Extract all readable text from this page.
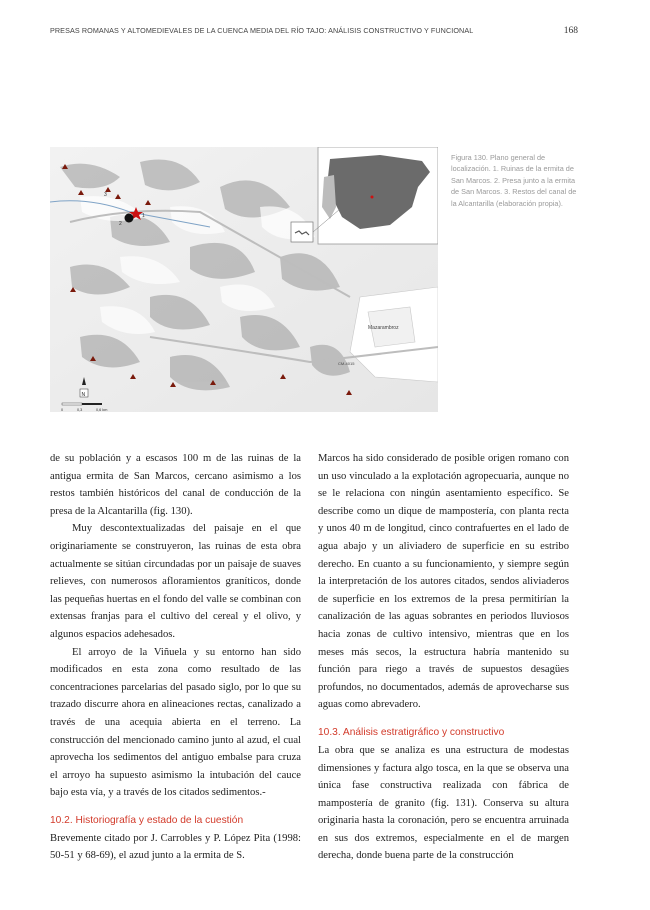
PRESAS ROMANAS Y ALTOMEDIEVALES DE LA CUENCA MEDIA DEL RÍO TAJO: ANÁLISIS CONSTRUCTIVO Y FUNCIONAL	168
1
2
3
Mazarambroz
CM-4015
N
0	0,3	0,6 km
Figura 130. Plano general de localización. 1. Ruinas de la ermita de San Marcos. 2. Presa junto a la ermita de San Marcos. 3. Restos del canal de la Alcantarilla (elaboración propia).

de su población y a escasos 100 m de las ruinas de la antigua ermita de San Marcos, cercano asimismo a los restos también históricos del canal de conducción de la presa de la Alcantarilla (fig. 130).

Muy descontextualizadas del paisaje en el que originariamente se construyeron, las ruinas de esta obra actualmente se sitúan circundadas por un paisaje de suaves relieves, con numerosos afloramientos graníticos, donde las pequeñas huertas en el fondo del valle se combinan con extensas franjas para el cultivo del cereal y el olivo, y algunos espacios adehesados.

El arroyo de la Viñuela y su entorno han sido modificados en esta zona como resultado de las concentraciones parcelarias del pasado siglo, por lo que su trazado discurre ahora en alineaciones rectas, canalizado a través de una acequia abierta en el terreno. La construcción del mencionado camino junto al azud, el cual aprovecha los sedimentos del antiguo embalse para cruza el arroyo ha supuesto asimismo la intubación del cauce bajo esta vía, y a través de los citados sedimentos.-

10.2. Historiografía y estado de la cuestión

Brevemente citado por J. Carrobles y P. López Pita (1998: 50-51 y 68-69), el azud junto a la ermita de S.

Marcos ha sido considerado de posible origen romano con un uso vinculado a la explotación agropecuaria, aunque no se le relaciona con ningún asentamiento específico. Se describe como un dique de mampostería, con planta recta y unos 40 m de longitud, cinco contrafuertes en el lado de agua abajo y un aliviadero de superficie en su estribo derecho. En cuanto a su funcionamiento, y siempre según la interpretación de los autores citados, sendos aliviaderos de superficie en los extremos de la presa permitirían la canalización de las aguas sobrantes en periodos lluviosos hacia zonas de cultivo intensivo, mientras que en los meses más secos, la estructura habría mantenido su función para riego a través de supuestos desagües profundos, no documentados, además de aprovecharse sus aguas como abrevadero.

10.3. Análisis estratigráfico y constructivo

La obra que se analiza es una estructura de modestas dimensiones y factura algo tosca, en la que se observa una única fase constructiva realizada con fábrica de mampostería de granito (fig. 131). Conserva su altura originaria hasta la coronación, pero se encuentra arruinada en sus dos extremos, especialmente en el de margen derecha, donde buena parte de la construcción
